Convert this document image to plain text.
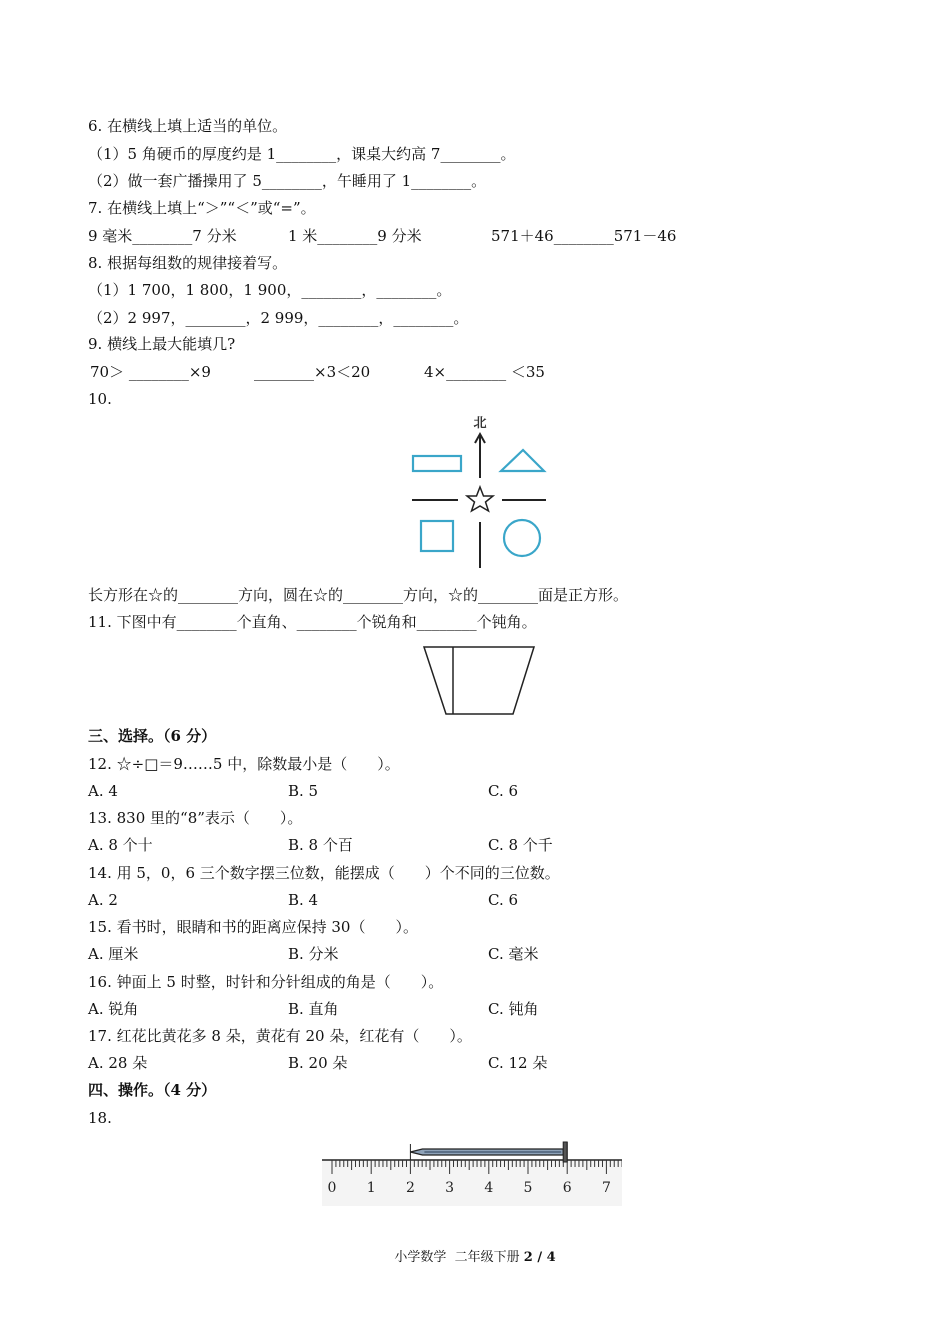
6. 在横线上填上适当的单位。
（1）5 角硬币的厚度约是 1________，课桌大约高 7________。
（2）做一套广播操用了 5________，午睡用了 1________。
7. 在横线上填上“＞”“＜”或“=”。
9 毫米________7 分米	1 米________9 分米	571＋46________571－46
8. 根据每组数的规律接着写。
（1）1 700，1 800，1 900，________，________。
（2）2 997，________，2 999，________，________。
9. 横线上最大能填几?
70＞ ________×9	________×3＜20	4×________ ＜35
10.
北
长方形在☆的________方向，圆在☆的________方向，☆的________面是正方形。
11. 下图中有________个直角、________个锐角和________个钝角。
三、选择。（6 分）
12. ☆÷□＝9……5 中，除数最小是（　　）。
A. 4	B. 5	C. 6
13. 830 里的“8”表示（　　）。
A. 8 个十	B. 8 个百	C. 8 个千
14. 用 5，0，6 三个数字摆三位数，能摆成（　　）个不同的三位数。
A. 2	B. 4	C. 6
15. 看书时，眼睛和书的距离应保持 30（　　）。
A. 厘米	B. 分米	C. 毫米
16. 钟面上 5 时整，时针和分针组成的角是（　　）。
A. 锐角	B. 直角	C. 钝角
17. 红花比黄花多 8 朵，黄花有 20 朵，红花有（　　）。
A. 28 朵	B. 20 朵	C. 12 朵
四、操作。（4 分）
18.
0 1 2 3 4 5 6 7
小学数学  二年级下册 2 / 4
